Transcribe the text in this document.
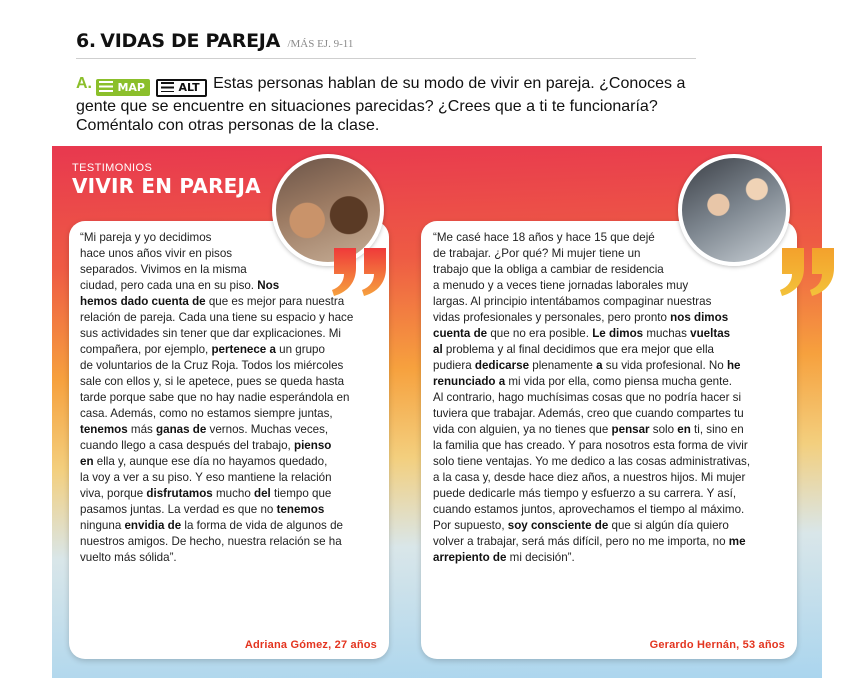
6. VIDAS DE PAREJA /MÁS EJ. 9-11
A. MAP	ALT Estas personas hablan de su modo de vivir en pareja. ¿Conoces a
gente que se encuentre en situaciones parecidas? ¿Crees que a ti te funcionaría?
Coméntalo con otras personas de la clase.
TESTIMONIOS
VIVIR EN PAREJA
Adriana Gómez, 27 años	Gerardo Hernán, 53 años

“Mi pareja y yo decidimos

hace unos años vivir en pisos

separados. Vivimos en la misma

ciudad, pero cada una en su piso. Nos

hemos dado cuenta de que es mejor para nuestra

relación de pareja. Cada una tiene su espacio y hace

sus actividades sin tener que dar explicaciones. Mi

compañera, por ejemplo, pertenece a un grupo

de voluntarios de la Cruz Roja. Todos los miércoles

sale con ellos y, si le apetece, pues se queda hasta

tarde porque sabe que no hay nadie esperándola en

casa. Además, como no estamos siempre juntas,

tenemos más ganas de vernos. Muchas veces,

cuando llego a casa después del trabajo, pienso

en ella y, aunque ese día no hayamos quedado,

la voy a ver a su piso. Y eso mantiene la relación

viva, porque disfrutamos mucho del tiempo que

pasamos juntas. La verdad es que no tenemos

ninguna envidia de la forma de vida de algunos de

nuestros amigos. De hecho, nuestra relación se ha

vuelto más sólida”.

“Me casé hace 18 años y hace 15 que dejé

de trabajar. ¿Por qué? Mi mujer tiene un

trabajo que la obliga a cambiar de residencia

a menudo y a veces tiene jornadas laborales muy

largas. Al principio intentábamos compaginar nuestras

vidas profesionales y personales, pero pronto nos dimos

cuenta de que no era posible. Le dimos muchas vueltas

al problema y al final decidimos que era mejor que ella

pudiera dedicarse plenamente a su vida profesional. No he

renunciado a mi vida por ella, como piensa mucha gente.

Al contrario, hago muchísimas cosas que no podría hacer si

tuviera que trabajar. Además, creo que cuando compartes tu

vida con alguien, ya no tienes que pensar solo en ti, sino en

la familia que has creado. Y para nosotros esta forma de vivir

solo tiene ventajas. Yo me dedico a las cosas administrativas,

a la casa y, desde hace diez años, a nuestros hijos. Mi mujer

puede dedicarle más tiempo y esfuerzo a su carrera. Y así,

cuando estamos juntos, aprovechamos el tiempo al máximo.

Por supuesto, soy consciente de que si algún día quiero

volver a trabajar, será más difícil, pero no me importa, no me

arrepiento de mi decisión”.
